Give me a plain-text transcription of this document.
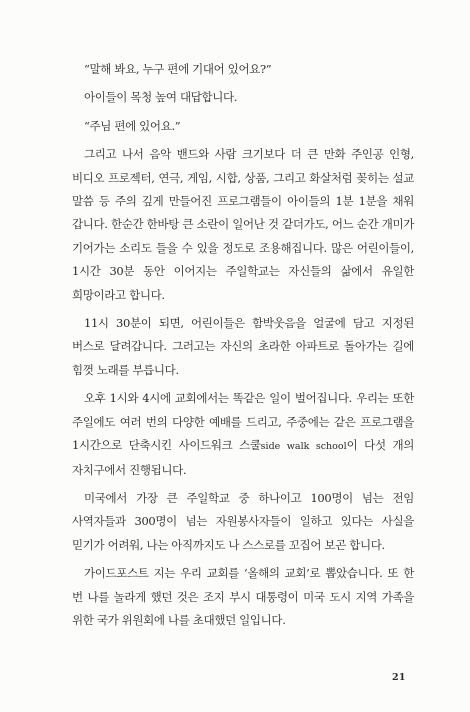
“말해 봐요, 누구 편에 기대어 있어요?”

아이들이 목청 높여 대답합니다.

“주님 편에 있어요.”

그리고 나서 음악 밴드와 사람 크기보다 더 큰 만화 주인공 인형, 비디오 프로젝터, 연극, 게임, 시합, 상품, 그리고 화살처럼 꽂히는 설교 말씀 등 주의 깊게 만들어진 프로그램들이 아이들의 1분 1분을 채워 갑니다. 한순간 한바탕 큰 소란이 일어난 것 같더가도, 어느 순간 개미가 기어가는 소리도 들을 수 있을 정도로 조용해집니다. 많은 어린이들이, 1시간 30분 동안 이어지는 주일학교는 자신들의 삶에서 유일한 희망이라고 합니다.

11시 30분이 되면, 어린이들은 함박웃음을 얼굴에 담고 지정된 버스로 달려갑니다. 그러고는 자신의 초라한 아파트로 돌아가는 길에 힘껏 노래를 부릅니다.

오후 1시와 4시에 교회에서는 똑같은 일이 벌어집니다. 우리는 또한 주일에도 여러 번의 다양한 예배를 드리고, 주중에는 같은 프로그램을 1시간으로 단축시킨 사이드워크 스쿨side walk school이 다섯 개의 자치구에서 진행됩니다.

미국에서 가장 큰 주일학교 중 하나이고 100명이 넘는 전임 사역자들과 300명이 넘는 자원봉사자들이 일하고 있다는 사실을 믿기가 어려워, 나는 아직까지도 나 스스로를 꼬집어 보곤 합니다.

가이드포스트 지는 우리 교회를 ‘올해의 교회’로 뽑았습니다. 또 한 번 나를 놀라게 했던 것은 조지 부시 대통령이 미국 도시 지역 가족을 위한 국가 위원회에 나를 초대했던 일입니다.

21
